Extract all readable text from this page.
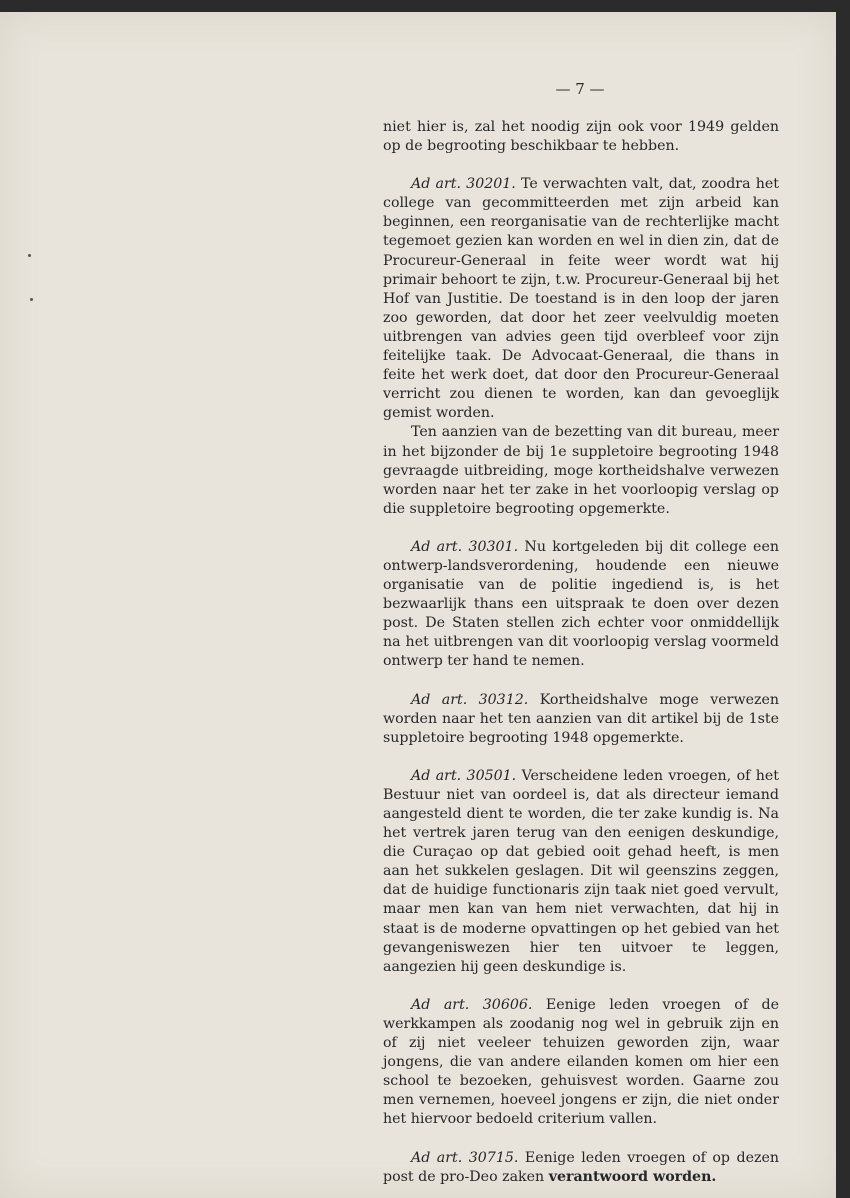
— 7 —

niet hier is, zal het noodig zijn ook voor 1949 gelden op de begrooting beschikbaar te hebben.

Ad art. 30201. Te verwachten valt, dat, zoodra het college van gecommitteerden met zijn arbeid kan beginnen, een reorganisatie van de rechterlijke macht tegemoet gezien kan worden en wel in dien zin, dat de Procureur-Generaal in feite weer wordt wat hij primair behoort te zijn, t.w. Procureur-Generaal bij het Hof van Justitie. De toestand is in den loop der jaren zoo geworden, dat door het zeer veelvuldig moeten uitbrengen van advies geen tijd overbleef voor zijn feitelijke taak. De Advocaat-Generaal, die thans in feite het werk doet, dat door den Procureur-Generaal verricht zou dienen te worden, kan dan gevoeglijk gemist worden.

Ten aanzien van de bezetting van dit bureau, meer in het bijzonder de bij 1e suppletoire begrooting 1948 gevraagde uitbreiding, moge kortheidshalve verwezen worden naar het ter zake in het voorloopig verslag op die suppletoire begrooting opgemerkte.

Ad art. 30301. Nu kortgeleden bij dit college een ontwerp-landsverordening, houdende een nieuwe organisatie van de politie ingediend is, is het bezwaarlijk thans een uitspraak te doen over dezen post. De Staten stellen zich echter voor onmiddellijk na het uitbrengen van dit voorloopig verslag voormeld ontwerp ter hand te nemen.

Ad art. 30312. Kortheidshalve moge verwezen worden naar het ten aanzien van dit artikel bij de 1ste suppletoire begrooting 1948 opgemerkte.

Ad art. 30501. Verscheidene leden vroegen, of het Bestuur niet van oordeel is, dat als directeur iemand aangesteld dient te worden, die ter zake kundig is. Na het vertrek jaren terug van den eenigen deskundige, die Curaçao op dat gebied ooit gehad heeft, is men aan het sukkelen geslagen. Dit wil geenszins zeggen, dat de huidige functionaris zijn taak niet goed vervult, maar men kan van hem niet verwachten, dat hij in staat is de moderne opvattingen op het gebied van het gevangeniswezen hier ten uitvoer te leggen, aangezien hij geen deskundige is.

Ad art. 30606. Eenige leden vroegen of de werkkampen als zoodanig nog wel in gebruik zijn en of zij niet veeleer tehuizen geworden zijn, waar jongens, die van andere eilanden komen om hier een school te bezoeken, gehuisvest worden. Gaarne zou men vernemen, hoeveel jongens er zijn, die niet onder het hiervoor bedoeld criterium vallen.

Ad art. 30715. Eenige leden vroegen of op dezen post de pro-Deo zaken verantwoord worden.
